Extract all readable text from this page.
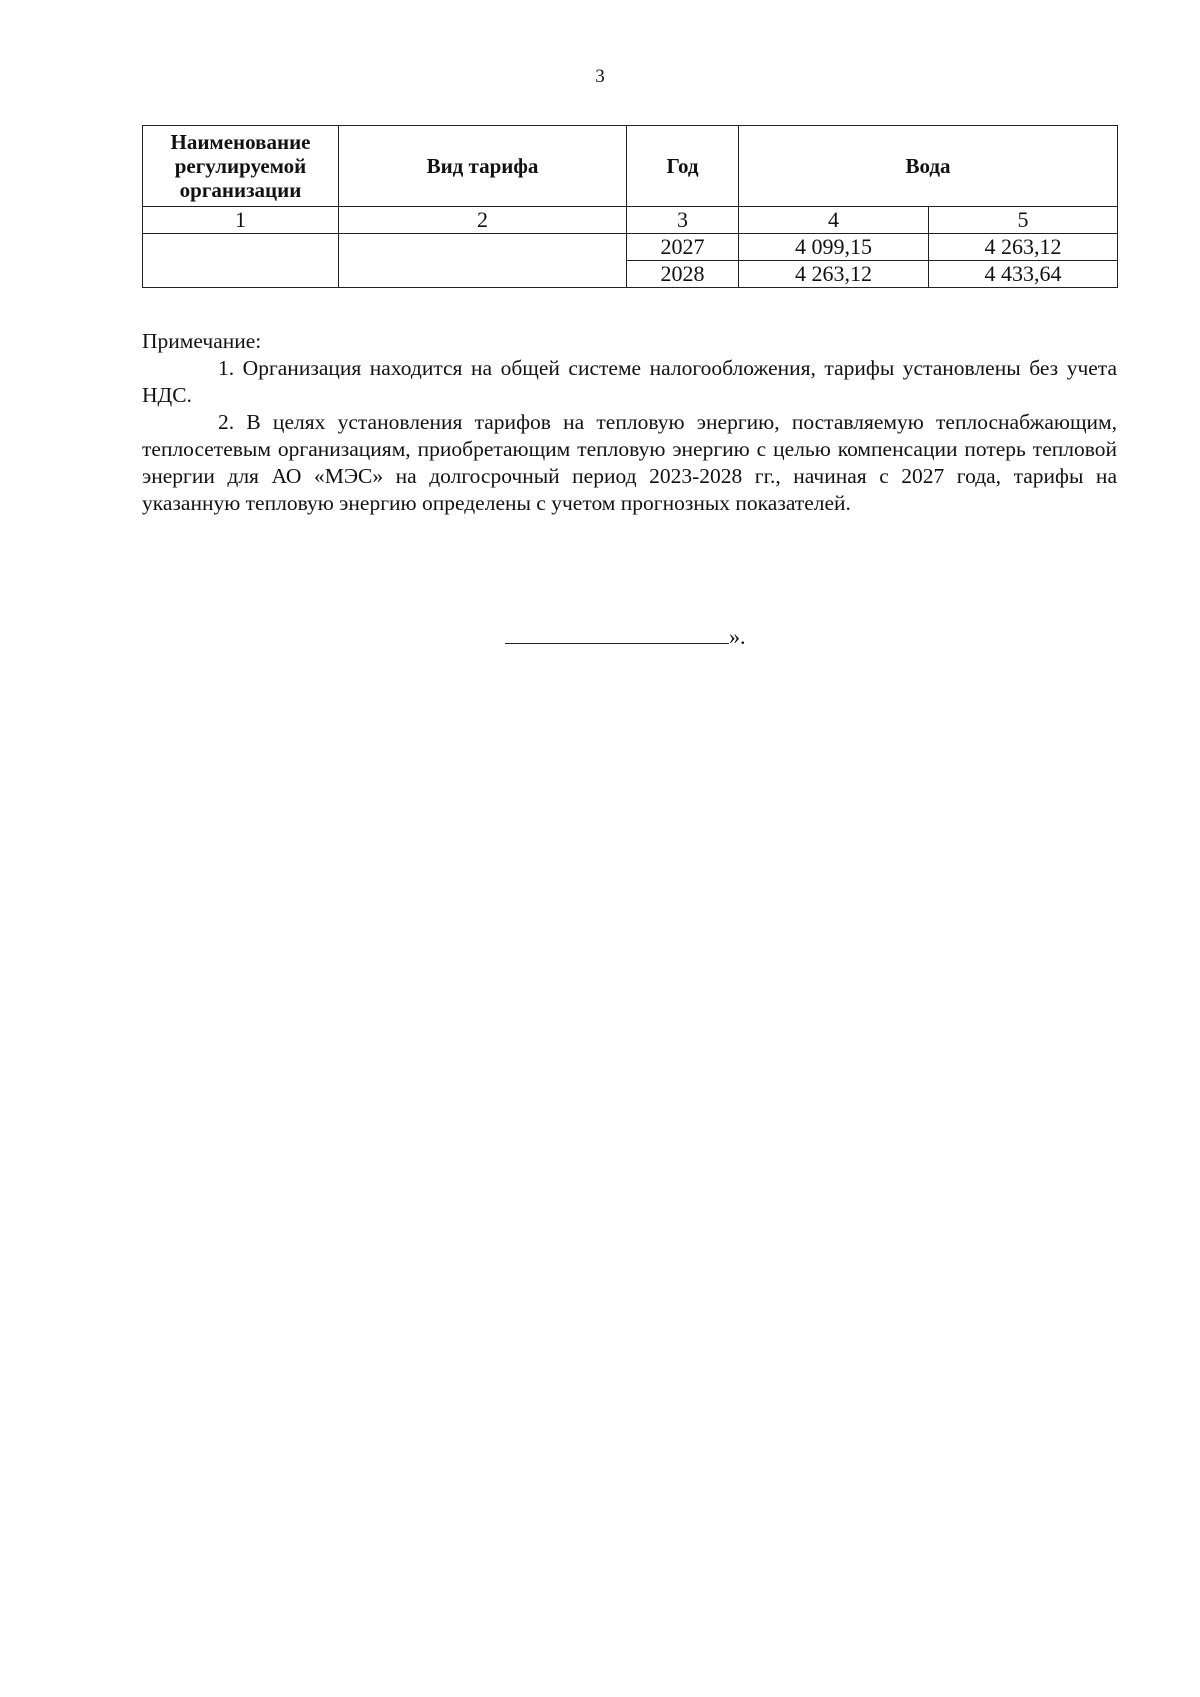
3
Наименование регулируемой организации	Вид тарифа	Год	Вода	
1	2	3	4	5
		2027	4 099,15	4 263,12
		2028	4 263,12	4 433,64

Примечание:

1. Организация находится на общей системе налогообложения, тарифы установлены без учета НДС.

2. В целях установления тарифов на тепловую энергию, поставляемую теплоснабжающим, теплосетевым организациям, приобретающим тепловую энергию с целью компенсации потерь тепловой энергии для АО «МЭС» на долгосрочный период 2023-2028 гг., начиная с 2027 года, тарифы на указанную тепловую энергию определены с учетом прогнозных показателей.

».
